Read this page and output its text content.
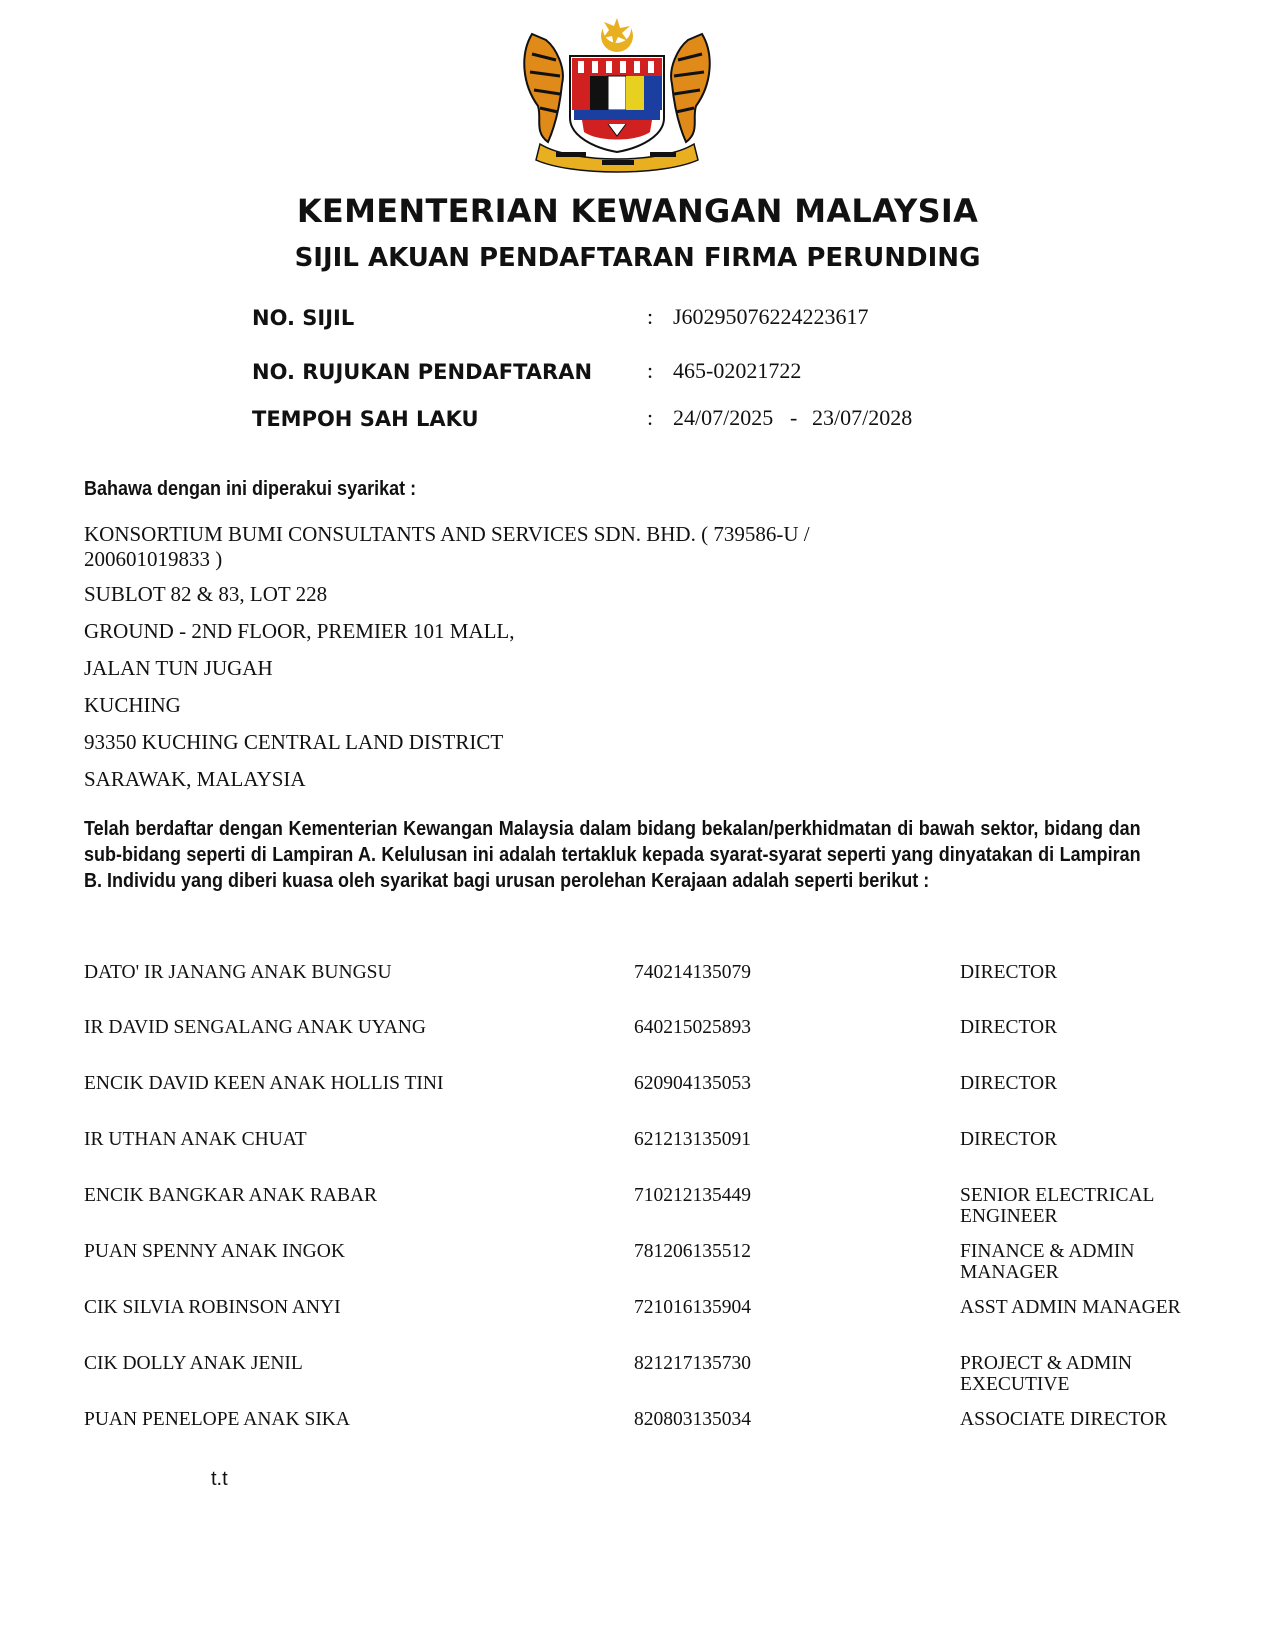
KEMENTERIAN KEWANGAN MALAYSIA
SIJIL AKUAN PENDAFTARAN FIRMA PERUNDING
NO. SIJIL	: J60295076224223617
NO. RUJUKAN PENDAFTARAN : 465-02021722
TEMPOH SAH LAKU	: 24/07/2025 - 23/07/2028
Bahawa dengan ini diperakui syarikat :
KONSORTIUM BUMI CONSULTANTS AND SERVICES SDN. BHD. ( 739586-U / 200601019833 )
SUBLOT 82 & 83, LOT 228
GROUND - 2ND FLOOR, PREMIER 101 MALL,
JALAN TUN JUGAH
KUCHING
93350 KUCHING CENTRAL LAND DISTRICT
SARAWAK, MALAYSIA
Telah berdaftar dengan Kementerian Kewangan Malaysia dalam bidang bekalan/perkhidmatan di bawah sektor, bidang dan sub-bidang seperti di Lampiran A. Kelulusan ini adalah tertakluk kepada syarat-syarat seperti yang dinyatakan di Lampiran B. Individu yang diberi kuasa oleh syarikat bagi urusan perolehan Kerajaan adalah seperti berikut :
DATO' IR JANANG ANAK BUNGSU	740214135079	DIRECTOR
IR DAVID SENGALANG ANAK UYANG	640215025893	DIRECTOR
ENCIK DAVID KEEN ANAK HOLLIS TINI	620904135053	DIRECTOR
IR UTHAN ANAK CHUAT	621213135091	DIRECTOR
ENCIK BANGKAR ANAK RABAR	710212135449	SENIOR ELECTRICAL ENGINEER
PUAN SPENNY ANAK INGOK	781206135512	FINANCE & ADMIN MANAGER
CIK SILVIA ROBINSON ANYI	721016135904	ASST ADMIN MANAGER
CIK DOLLY ANAK JENIL	821217135730	PROJECT & ADMIN EXECUTIVE
PUAN PENELOPE ANAK SIKA	820803135034	ASSOCIATE DIRECTOR
t.t
